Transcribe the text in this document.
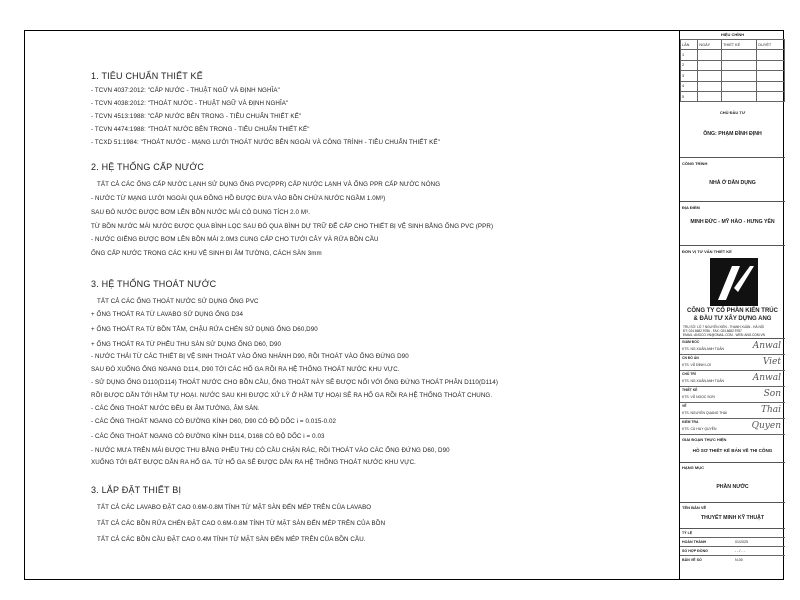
1. TIÊU CHUẨN THIẾT KẾ
- TCVN 4037:2012: "CẤP NƯỚC - THUẬT NGỮ VÀ ĐỊNH NGHĨA"
- TCVN 4038:2012: "THOÁT NƯỚC - THUẬT NGỮ VÀ ĐỊNH NGHĨA"
- TCVN 4513:1988: "CẤP NƯỚC BÊN TRONG - TIÊU CHUẨN THIẾT KẾ"
- TCVN 4474:1988: "THOÁT NƯỚC BÊN TRONG - TIÊU CHUẨN THIẾT KẾ"
- TCXD 51:1984: "THOÁT NƯỚC - MẠNG LƯỚI THOÁT NƯỚC BÊN NGOÀI VÀ CÔNG TRÌNH - TIÊU CHUẨN THIẾT KẾ"
2. HỆ THỐNG CẤP NƯỚC
TẤT CẢ CÁC ỐNG CẤP NƯỚC LẠNH SỬ DỤNG ỐNG PVC(PPR) CẤP NƯỚC LẠNH VÀ ỐNG PPR CẤP NƯỚC NÓNG
- NƯỚC TỪ MẠNG LƯỚI NGOÀI QUA ĐỒNG HỒ ĐƯỢC ĐƯA VÀO BỒN CHỨA NƯỚC NGẦM 1.0M³)
SAU ĐÓ NƯỚC ĐƯỢC BƠM LÊN BỒN NƯỚC MÁI CÓ DUNG TÍCH 2.0 M³.
TỪ BỒN NƯỚC MÁI NƯỚC ĐƯỢC QUA BÌNH LỌC SAU ĐÓ QUA BÌNH DỰ TRỮ ĐỂ CẤP CHO THIẾT BỊ VỆ SINH BẰNG ỐNG PVC (PPR)
- NƯỚC GIẾNG ĐƯỢC BƠM LÊN BỒN MÁI 2.0M3 CUNG CẤP CHO TƯỚI CÂY VÀ RỬA BỒN CẦU
ỐNG CẤP NƯỚC TRONG CÁC KHU VỆ SINH ĐI ÂM TƯỜNG, CÁCH SÀN 3mm
3. HỆ THỐNG THOÁT NƯỚC
TẤT CẢ CÁC ỐNG THOÁT NƯỚC SỬ DỤNG ỐNG PVC
+ ỐNG THOÁT RA TỪ LAVABO SỬ DỤNG ỐNG D34
+ ỐNG THOÁT RA TỪ BỒN TẮM, CHẬU RỬA CHÉN SỬ DỤNG ỐNG D60,D90
+ ỐNG THOÁT RA TỪ PHỄU THU SÀN SỬ DỤNG ỐNG D60, D90
- NƯỚC THẢI TỪ CÁC THIẾT BỊ VỆ SINH THOÁT VÀO ỐNG NHÁNH D90, RỒI THOÁT VÀO ỐNG ĐỨNG D90
SAU ĐÓ XUỐNG ỐNG NGANG D114, D90 TỚI CÁC HỐ GA RỒI RA HỆ THỐNG THOÁT NƯỚC KHU VỰC.
- SỬ DỤNG ỐNG D110(D114) THOÁT NƯỚC CHO BỒN CẦU, ỐNG THOÁT NÀY SẼ ĐƯỢC NỐI VỚI ỐNG ĐỨNG THOÁT PHÂN D110(D114)
RỒI ĐƯỢC DẪN TỚI HẦM TỰ HOẠI. NƯỚC SAU KHI ĐƯỢC XỬ LÝ Ở HẦM TỰ HOẠI SẼ RA HỐ GA RỒI RA HỆ THỐNG THOÁT CHUNG.
- CÁC ỐNG THOÁT NƯỚC ĐỀU ĐI ÂM TƯỜNG, ÂM SÀN.
- CÁC ỐNG THOÁT NGANG CÓ ĐƯỜNG KÍNH D60, D90 CÓ ĐỘ DỐC i = 0.015-0.02
- CÁC ỐNG THOÁT NGANG CÓ ĐƯỜNG KÍNH D114, D168 CÓ ĐỘ DỐC i = 0.03
- NƯỚC MƯA TRÊN MÁI ĐƯỢC THU BẰNG PHỄU THU CÓ CẦU CHẶN RÁC, RỒI THOÁT VÀO CÁC ỐNG ĐỨNG D60, D90
XUỐNG TỚI ĐẤT ĐƯỢC DẪN RA HỐ GA. TỪ HỐ GA SẼ ĐƯỢC DẪN RA HỆ THỐNG THOÁT NƯỚC KHU VỰC.
3. LẮP ĐẶT THIẾT BỊ
TẤT CẢ CÁC LAVABO ĐẶT CAO 0.6M-0.8M TÍNH TỪ MẶT SÀN ĐẾN MÉP TRÊN CỦA LAVABO
TẤT CẢ CÁC BỒN RỬA CHÉN ĐẶT CAO 0.6M-0.8M TÍNH TỪ MẶT SÀN ĐẾN MÉP TRÊN CỦA BỒN
TẤT CẢ CÁC BỒN CẦU ĐẶT CAO 0.4M TÍNH TỪ MẶT SÀN ĐẾN MÉP TRÊN CỦA BỒN CẦU.
HIỆU CHỈNH
LẦN	NGÀY	THIẾT KẾ	DUYỆT
1			
2			
3			
4			
5			
CHỦ ĐẦU TƯ
ÔNG: PHẠM ĐÌNH ĐỊNH
CÔNG TRÌNH
NHÀ Ở DÂN DỤNG
ĐỊA ĐIỂM
MINH ĐỨC - MỸ HÀO - HƯNG YÊN
ĐƠN VỊ TƯ VẤN THIẾT KẾ
CÔNG TY CỔ PHẦN KIẾN TRÚC
& ĐẦU TƯ XÂY DỰNG ANG
TRỤ SỞ: LÔ 7 NGUYỄN XIỂN - THANH XUÂN - HÀ NỘI
ĐT: 024.6682.9786 - FAX: 024.6682.9787
EMAIL: ANGCO.VN@GMAIL.COM - WEB: ANG.COM.VN
GIÁM ĐỐC
KTS. NG.XUÂN ANH TUẤN	Anwal
CN ĐỒ ÁN
KTS. VŨ ĐÌNH LỢI	Viet
CHỦ TRÌ
KTS. NG.XUÂN ANH TUẤN	Anwal
THIẾT KẾ
KTS. VŨ NGỌC SƠN	Son
VẼ
KTS. NGUYỄN QUANG THÁI	Thai
KIỂM TRA
KTS. CÙ HUY QUYỀN	Quyen
GIAI ĐOẠN THỰC HIỆN
HỒ SƠ THIẾT KẾ BẢN VẼ THI CÔNG
HẠNG MỤC
PHẦN NƯỚC
TÊN BẢN VẼ
THUYẾT MINH KỸ THUẬT
TỶ LỆ
HOÀN THÀNH	01/2025
SỐ HỢP ĐỒNG	- - / - -
BẢN VẼ SỐ	N-00
